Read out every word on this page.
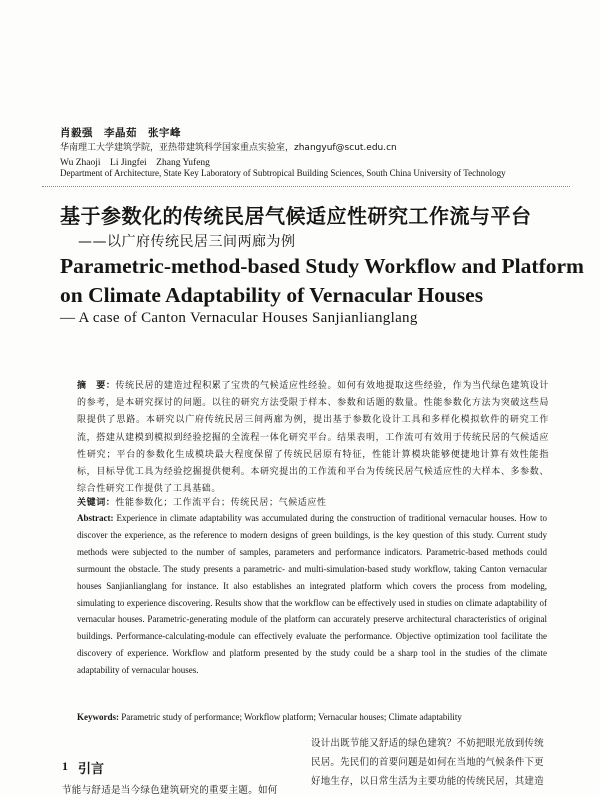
肖毅强　李晶茹　张宇峰
华南理工大学建筑学院，亚热带建筑科学国家重点实验室，zhangyuf@scut.edu.cn
Wu Zhaoji　Li Jingfei　Zhang Yufeng
Department of Architecture, State Key Laboratory of Subtropical Building Sciences, South China University of Technology
基于参数化的传统民居气候适应性研究工作流与平台
——以广府传统民居三间两廊为例
Parametric-method-based Study Workflow and Platform
on Climate Adaptability of Vernacular Houses
— A case of Canton Vernacular Houses Sanjianlianglang
摘　要：传统民居的建造过程积累了宝贵的气候适应性经验。如何有效地提取这些经验，作为当代绿色建筑设计的参考，是本研究探讨的问题。以往的研究方法受限于样本、参数和话题的数量。性能参数化方法为突破这些局限提供了思路。本研究以广府传统民居三间两廊为例，提出基于参数化设计工具和多样化模拟软件的研究工作流，搭建从建模到模拟到经验挖掘的全流程一体化研究平台。结果表明，工作流可有效用于传统民居的气候适应性研究；平台的参数化生成模块最大程度保留了传统民居原有特征，性能计算模块能够便捷地计算有效性能指标，目标导优工具为经验挖掘提供便利。本研究提出的工作流和平台为传统民居气候适应性的大样本、多参数、综合性研究工作提供了工具基础。
关键词：性能参数化；工作流平台；传统民居；气候适应性
Abstract: Experience in climate adaptability was accumulated during the construction of traditional vernacular houses. How to discover the experience, as the reference to modern designs of green buildings, is the key question of this study. Current study methods were subjected to the number of samples, parameters and performance indicators. Parametric-based methods could surmount the obstacle. The study presents a parametric- and multi-simulation-based study workflow, taking Canton vernacular houses Sanjianlianglang for instance. It also establishes an integrated platform which covers the process from modeling, simulating to experience discovering. Results show that the workflow can be effectively used in studies on climate adaptability of vernacular houses. Parametric-generating module of the platform can accurately preserve architectural characteristics of original buildings. Performance-calculating-module can effectively evaluate the performance. Objective optimization tool facilitate the discovery of experience. Workflow and platform presented by the study could be a sharp tool in the studies of the climate adaptability of vernacular houses.
Keywords: Parametric study of performance; Workflow platform; Vernacular houses; Climate adaptability
1 引言
节能与舒适是当今绿色建筑研究的重要主题。如何
设计出既节能又舒适的绿色建筑？不妨把眼光放到传统民居。先民们的首要问题是如何在当地的气候条件下更好地生存，以日常生活为主要功能的传统民居，其建造
